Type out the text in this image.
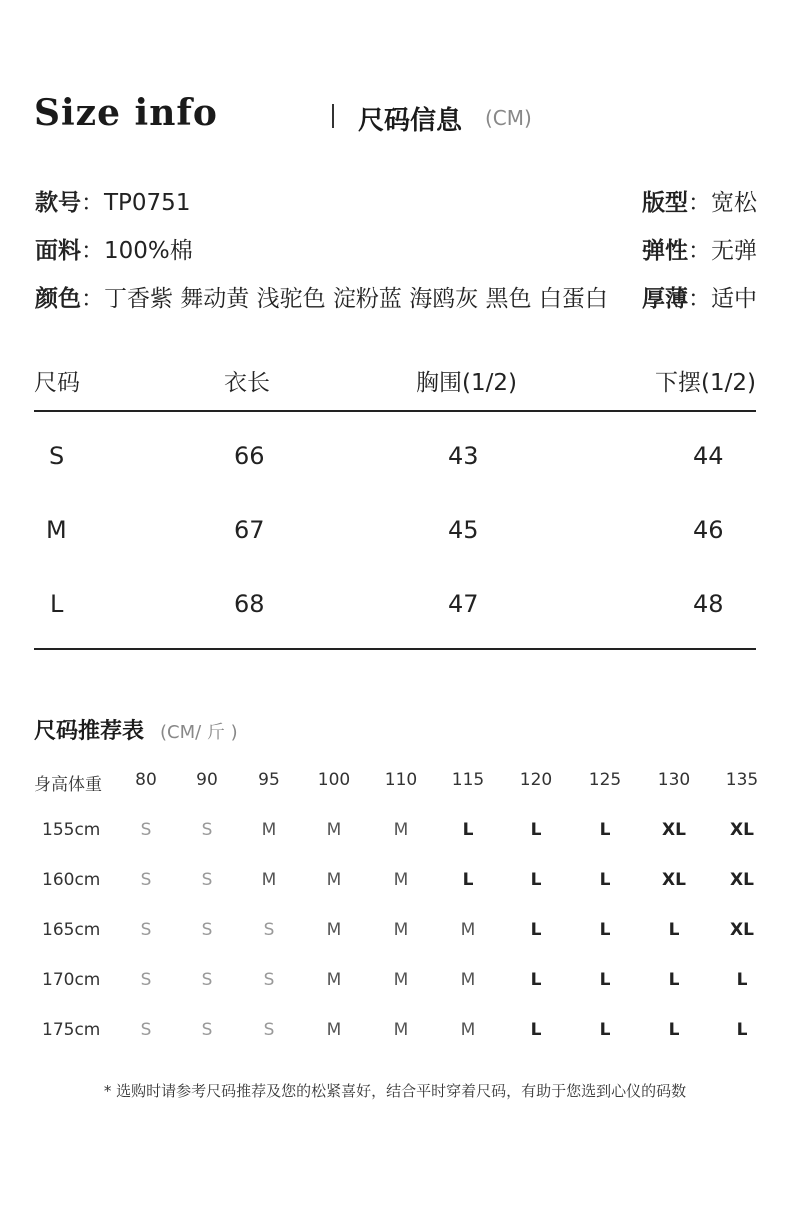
Size info	尺码信息 (CM)
款号：TP0751	版型：宽松
面料：100%棉	弹性：无弹
颜色：丁香紫 舞动黄 浅驼色 淀粉蓝 海鸥灰 黑色 白蛋白 厚薄：适中
尺码	衣长	胸围(1/2)	下摆(1/2)
S	66	43	44
M	67	45	46
L	68	47	48
尺码推荐表 (CM/ 斤 )
身高体重 80 90 95 100 110 115 120 125 130 135
155cm S	S	M	M	M	L	L	L	XL	XL
160cm S	S	M	M	M	L	L	L	XL	XL
165cm S	S	S	M	M	M	L	L	L	XL
170cm S	S	S	M	M	M	L	L	L	L
175cm S	S	S	M	M	M	L	L	L	L
* 选购时请参考尺码推荐及您的松紧喜好，结合平时穿着尺码，有助于您选到心仪的码数
